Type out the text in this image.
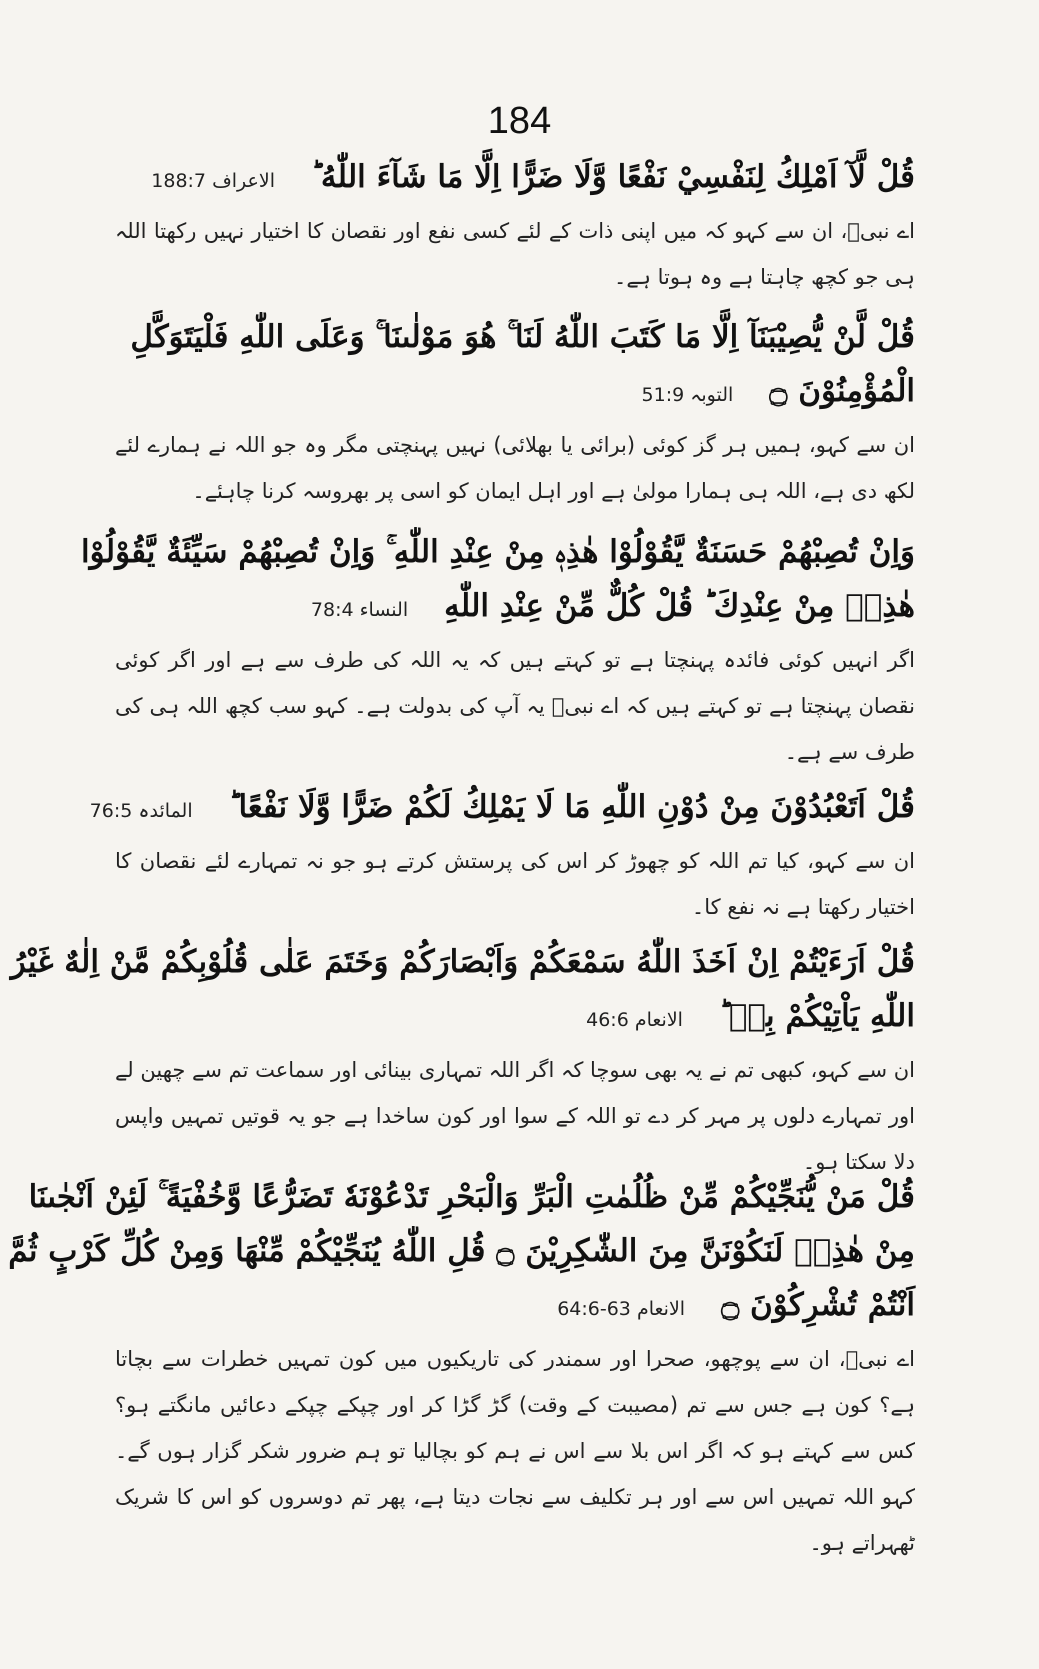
184
قُلْ لَّآ اَمْلِكُ لِنَفْسِيْ نَفْعًا وَّلَا ضَرًّا اِلَّا مَا شَآءَ اللّٰهُ ؕ
الاعراف 188:7
اے نبیؐ، ان سے کہو کہ میں اپنی ذات کے لئے کسی نفع اور نقصان کا اختیار نہیں رکھتا اللہ ہی جو کچھ چاہتا ہے وہ ہوتا ہے۔
قُلْ لَّنْ يُّصِيْبَنَآ اِلَّا مَا كَتَبَ اللّٰهُ لَنَا ۚ هُوَ مَوْلٰىنَا ۚ وَعَلَى اللّٰهِ فَلْيَتَوَكَّلِ
الْمُؤْمِنُوْنَ ۝
التوبہ 51:9
ان سے کہو، ہمیں ہر گز کوئی (برائی یا بھلائی) نہیں پہنچتی مگر وہ جو اللہ نے ہمارے لئے لکھ دی ہے، اللہ ہی ہمارا مولیٰ ہے اور اہل ایمان کو اسی پر بھروسہ کرنا چاہئے۔
وَاِنْ تُصِبْهُمْ حَسَنَةٌ يَّقُوْلُوْا هٰذِهٖ مِنْ عِنْدِ اللّٰهِ ۚ وَاِنْ تُصِبْهُمْ سَيِّئَةٌ يَّقُوْلُوْا
هٰذِهٖ مِنْ عِنْدِكَ ؕ قُلْ كُلٌّ مِّنْ عِنْدِ اللّٰهِ
النساء 78:4
اگر انہیں کوئی فائدہ پہنچتا ہے تو کہتے ہیں کہ یہ اللہ کی طرف سے ہے اور اگر کوئی نقصان پہنچتا ہے تو کہتے ہیں کہ اے نبیؐ یہ آپ کی بدولت ہے۔ کہو سب کچھ اللہ ہی کی طرف سے ہے۔
قُلْ اَتَعْبُدُوْنَ مِنْ دُوْنِ اللّٰهِ مَا لَا يَمْلِكُ لَكُمْ ضَرًّا وَّلَا نَفْعًا ؕ
المائدہ 76:5
ان سے کہو، کیا تم اللہ کو چھوڑ کر اس کی پرستش کرتے ہو جو نہ تمہارے لئے نقصان کا اختیار رکھتا ہے نہ نفع کا۔
قُلْ اَرَءَيْتُمْ اِنْ اَخَذَ اللّٰهُ سَمْعَكُمْ وَاَبْصَارَكُمْ وَخَتَمَ عَلٰى قُلُوْبِكُمْ مَّنْ اِلٰهٌ غَيْرُ
اللّٰهِ يَاْتِيْكُمْ بِهٖ ؕ
الانعام 46:6
ان سے کہو، کبھی تم نے یہ بھی سوچا کہ اگر اللہ تمہاری بینائی اور سماعت تم سے چھین لے اور تمہارے دلوں پر مہر کر دے تو اللہ کے سوا اور کون ساخدا ہے جو یہ قوتیں تمہیں واپس دلا سکتا ہو۔
قُلْ مَنْ يُّنَجِّيْكُمْ مِّنْ ظُلُمٰتِ الْبَرِّ وَالْبَحْرِ تَدْعُوْنَهٗ تَضَرُّعًا وَّخُفْيَةً ۚ لَئِنْ اَنْجٰىنَا
مِنْ هٰذِهٖ لَنَكُوْنَنَّ مِنَ الشّٰكِرِيْنَ ۝ قُلِ اللّٰهُ يُنَجِّيْكُمْ مِّنْهَا وَمِنْ كُلِّ كَرْبٍ ثُمَّ
اَنْتُمْ تُشْرِكُوْنَ ۝
الانعام 63-64:6
اے نبیؐ، ان سے پوچھو، صحرا اور سمندر کی تاریکیوں میں کون تمہیں خطرات سے بچاتا ہے؟ کون ہے جس سے تم (مصیبت کے وقت) گڑ گڑا کر اور چپکے چپکے دعائیں مانگتے ہو؟ کس سے کہتے ہو کہ اگر اس بلا سے اس نے ہم کو بچالیا تو ہم ضرور شکر گزار ہوں گے۔ کہو اللہ تمہیں اس سے اور ہر تکلیف سے نجات دیتا ہے، پھر تم دوسروں کو اس کا شریک ٹھہراتے ہو۔
